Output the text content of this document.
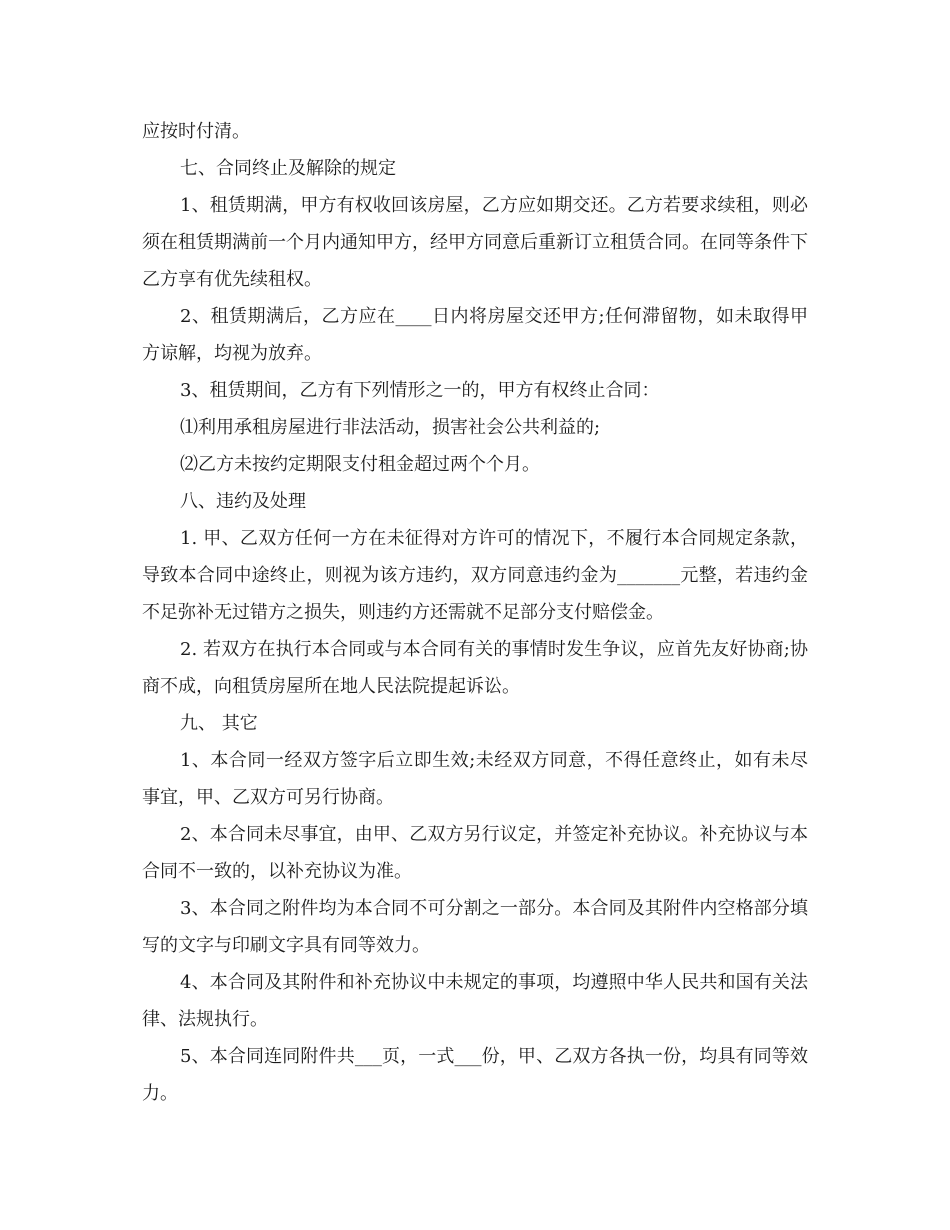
应按时付清。

七、合同终止及解除的规定

1、租赁期满，甲方有权收回该房屋，乙方应如期交还。乙方若要求续租，则必须在租赁期满前一个月内通知甲方，经甲方同意后重新订立租赁合同。在同等条件下乙方享有优先续租权。

2、租赁期满后，乙方应在____日内将房屋交还甲方;任何滞留物，如未取得甲方谅解，均视为放弃。

3、租赁期间，乙方有下列情形之一的，甲方有权终止合同：

⑴利用承租房屋进行非法活动，损害社会公共利益的;

⑵乙方未按约定期限支付租金超过两个个月。

八、违约及处理

1. 甲、乙双方任何一方在未征得对方许可的情况下，不履行本合同规定条款，导致本合同中途终止，则视为该方违约，双方同意违约金为_______元整，若违约金不足弥补无过错方之损失，则违约方还需就不足部分支付赔偿金。

2. 若双方在执行本合同或与本合同有关的事情时发生争议，应首先友好协商;协商不成，向租赁房屋所在地人民法院提起诉讼。

九、 其它

1、本合同一经双方签字后立即生效;未经双方同意，不得任意终止，如有未尽事宜，甲、乙双方可另行协商。

2、本合同未尽事宜，由甲、乙双方另行议定，并签定补充协议。补充协议与本合同不一致的，以补充协议为准。

3、本合同之附件均为本合同不可分割之一部分。本合同及其附件内空格部分填写的文字与印刷文字具有同等效力。

4、本合同及其附件和补充协议中未规定的事项，均遵照中华人民共和国有关法律、法规执行。

5、本合同连同附件共___页，一式___份，甲、乙双方各执一份，均具有同等效力。
